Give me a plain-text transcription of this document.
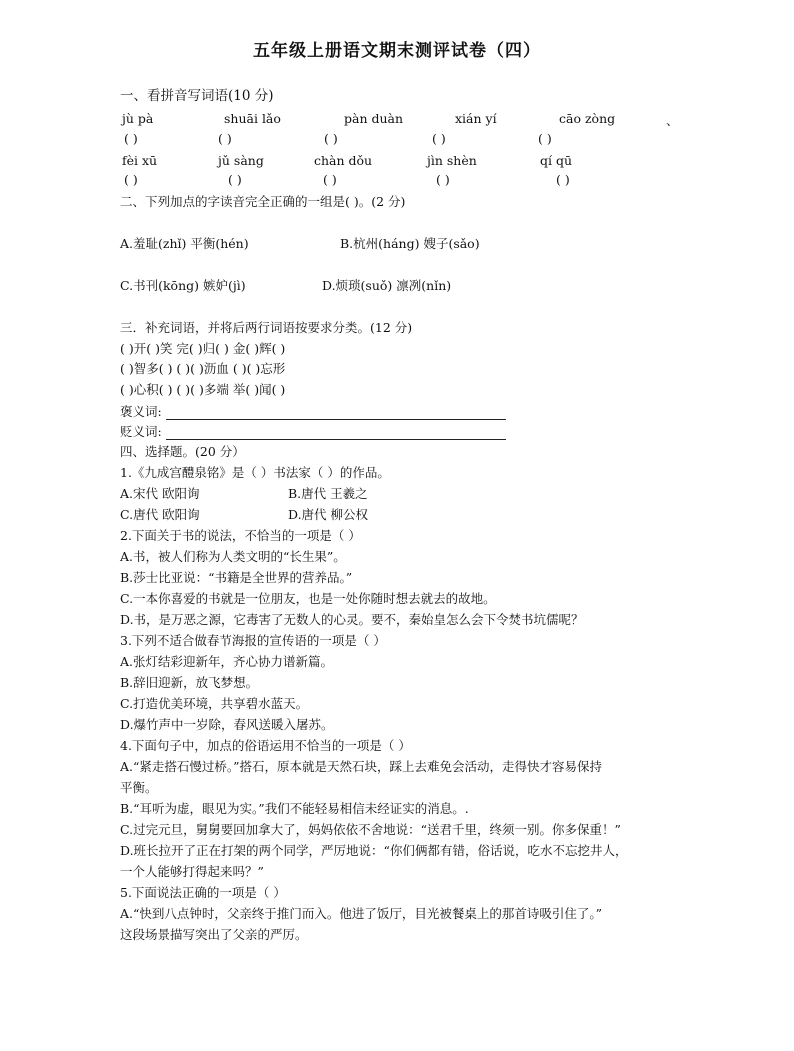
五年级上册语文期末测评试卷（四）
一、看拼音写词语(10 分)
jù pà	shuāi lǎo	pàn duàn	xián yí	cāo zòng	、
( )	( )	( )	( )	( )
fèi xū	jǔ sàng	chàn dǒu	jìn shèn	qí qū
( )	( )	( )	( )	( )
二、下列加点的字读音完全正确的一组是( )。(2 分)
A.羞耻(zhǐ) 平衡(hén)	B.杭州(háng) 嫂子(sǎo)
C.书刊(kōng) 嫉妒(jì)	D.烦琐(suǒ) 凛冽(nǐn)
三．补充词语，并将后两行词语按要求分类。(12 分)
( )开( )笑 完( )归( ) 金( )辉( )
( )智多( ) ( )( )沥血 ( )( )忘形
( )心积( ) ( )( )多端 举( )闻( )
褒义词:
贬义词:
四、选择题。(20 分）
1.《九成宫醴泉铭》是（ ）书法家（ ）的作品。
A.宋代 欧阳询	B.唐代 王羲之
C.唐代 欧阳询	D.唐代 柳公权
2.下面关于书的说法，不恰当的一项是（ ）
A.书，被人们称为人类文明的“长生果”。
B.莎士比亚说：“书籍是全世界的营养品。”
C.一本你喜爱的书就是一位朋友，也是一处你随时想去就去的故地。
D.书，是万恶之源，它毒害了无数人的心灵。要不，秦始皇怎么会下令焚书坑儒呢？
3.下列不适合做春节海报的宣传语的一项是（ ）
A.张灯结彩迎新年，齐心协力谱新篇。
B.辞旧迎新，放飞梦想。
C.打造优美环境，共享碧水蓝天。
D.爆竹声中一岁除，春风送暖入屠苏。
4.下面句子中，加点的俗语运用不恰当的一项是（ ）
A.“紧走搭石慢过桥。”搭石，原本就是天然石块，踩上去难免会活动，走得快才容易保持
平衡。
B.“耳听为虚，眼见为实。”我们不能轻易相信未经证实的消息。.
C.过完元旦，舅舅要回加拿大了，妈妈依依不舍地说：“送君千里，终须一别。你多保重！”
D.班长拉开了正在打架的两个同学，严厉地说：“你们俩都有错，俗话说，吃水不忘挖井人，
一个人能够打得起来吗？”
5.下面说法正确的一项是（ ）
A.“快到八点钟时，父亲终于推门而入。他进了饭厅，目光被餐桌上的那首诗吸引住了。”
这段场景描写突出了父亲的严厉。
